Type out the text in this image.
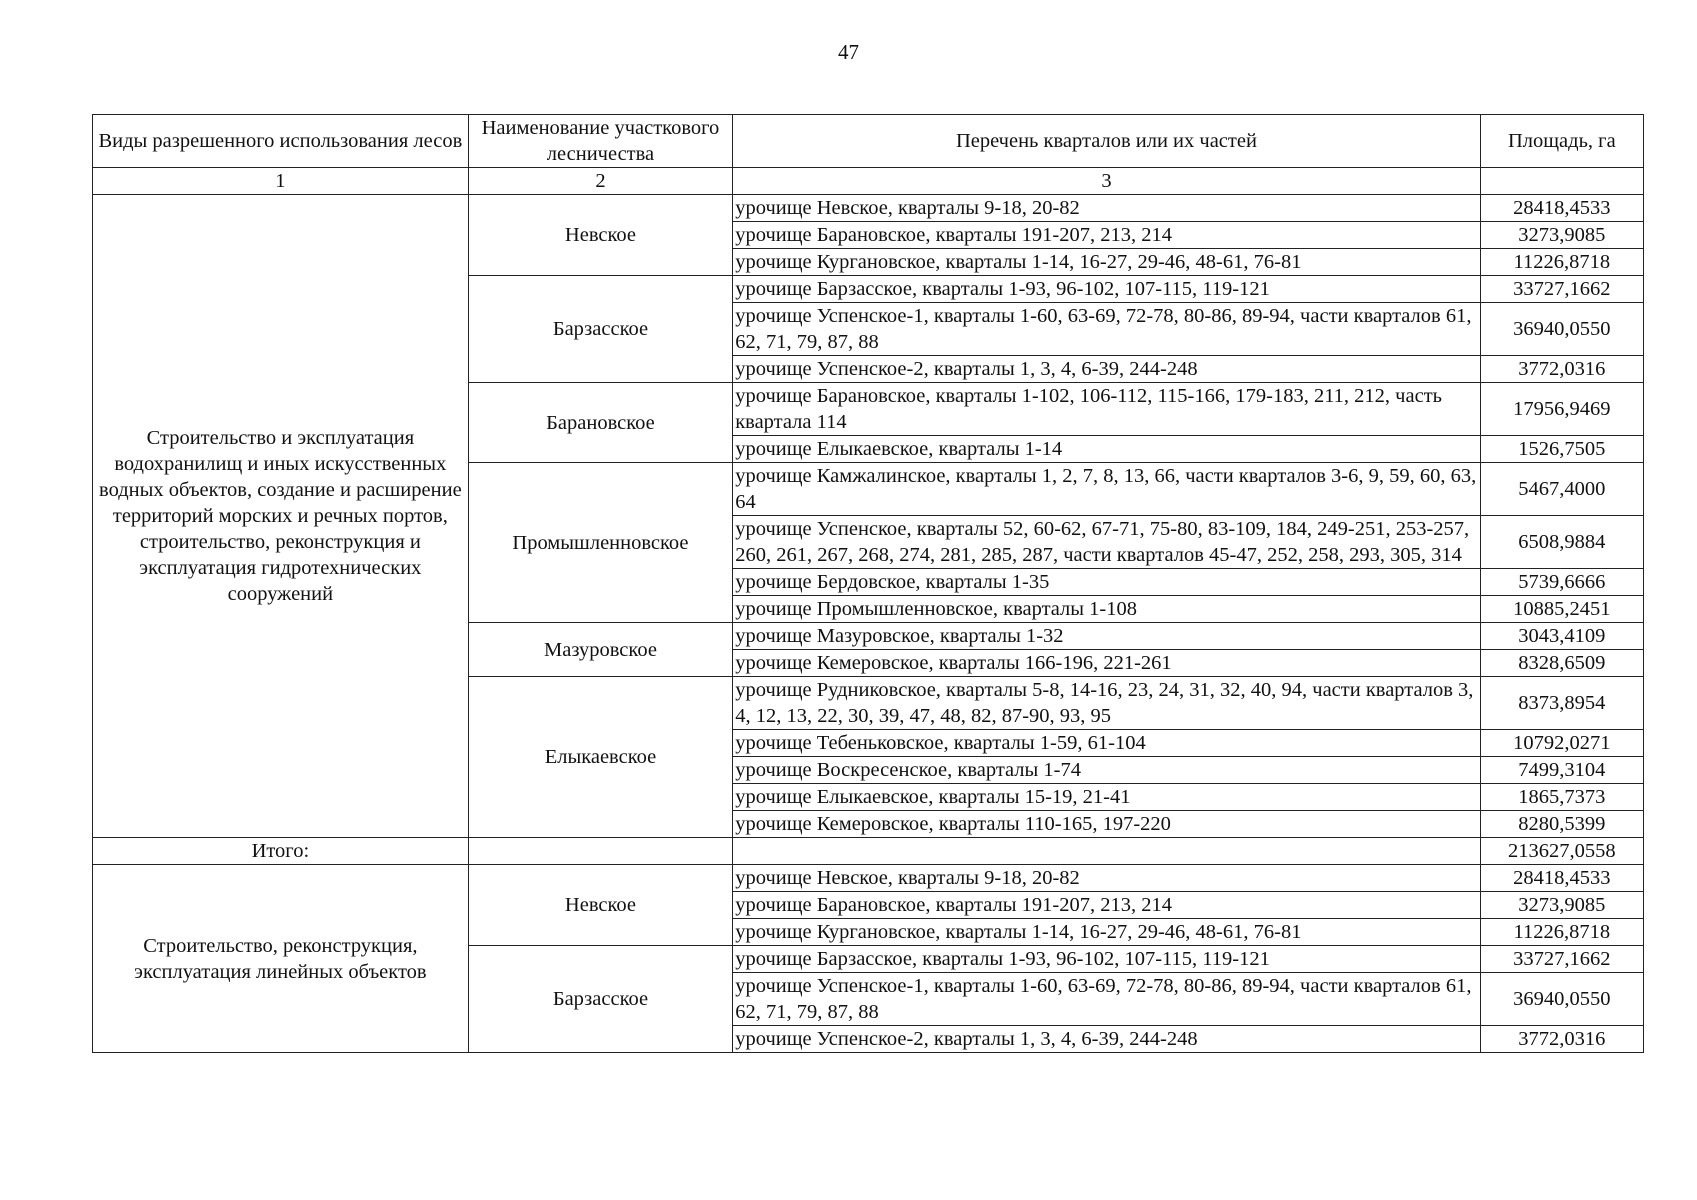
47
Виды разрешенного использования лесов	Наименование участкового лесничества	Перечень кварталов или их частей	Площадь, га
1	2	3	
Строительство и эксплуатация водохранилищ и иных искусственных водных объектов, создание и расширение территорий морских и речных портов, строительство, реконструкция и эксплуатация гидротехнических сооружений	Невское	урочище Невское, кварталы 9-18, 20-82	28418,4533
		урочище Барановское, кварталы 191-207, 213, 214	3273,9085
		урочище Кургановское, кварталы 1-14, 16-27, 29-46, 48-61, 76-81	11226,8718
	Барзасское	урочище Барзасское, кварталы 1-93, 96-102, 107-115, 119-121	33727,1662
		урочище Успенское-1, кварталы 1-60, 63-69, 72-78, 80-86, 89-94, части кварталов 61, 62, 71, 79, 87, 88	36940,0550
		урочище Успенское-2, кварталы 1, 3, 4, 6-39, 244-248	3772,0316
	Барановское	урочище Барановское, кварталы 1-102, 106-112, 115-166, 179-183, 211, 212, часть квартала 114	17956,9469
		урочище Елыкаевское, кварталы 1-14	1526,7505
	Промышленновское	урочище Камжалинское, кварталы 1, 2, 7, 8, 13, 66, части кварталов 3-6, 9, 59, 60, 63, 64	5467,4000
		урочище Успенское, кварталы 52, 60-62, 67-71, 75-80, 83-109, 184, 249-251, 253-257, 260, 261, 267, 268, 274, 281, 285, 287, части кварталов 45-47, 252, 258, 293, 305, 314	6508,9884
		урочище Бердовское, кварталы 1-35	5739,6666
		урочище Промышленновское, кварталы 1-108	10885,2451
	Мазуровское	урочище Мазуровское, кварталы 1-32	3043,4109
		урочище Кемеровское, кварталы 166-196, 221-261	8328,6509
	Елыкаевское	урочище Рудниковское, кварталы 5-8, 14-16, 23, 24, 31, 32, 40, 94, части кварталов 3, 4, 12, 13, 22, 30, 39, 47, 48, 82, 87-90, 93, 95	8373,8954
		урочище Тебеньковское, кварталы 1-59, 61-104	10792,0271
		урочище Воскресенское, кварталы 1-74	7499,3104
		урочище Елыкаевское, кварталы 15-19, 21-41	1865,7373
		урочище Кемеровское, кварталы 110-165, 197-220	8280,5399
Итого:			213627,0558
Строительство, реконструкция, эксплуатация линейных объектов	Невское	урочище Невское, кварталы 9-18, 20-82	28418,4533
		урочище Барановское, кварталы 191-207, 213, 214	3273,9085
		урочище Кургановское, кварталы 1-14, 16-27, 29-46, 48-61, 76-81	11226,8718
	Барзасское	урочище Барзасское, кварталы 1-93, 96-102, 107-115, 119-121	33727,1662
		урочище Успенское-1, кварталы 1-60, 63-69, 72-78, 80-86, 89-94, части кварталов 61, 62, 71, 79, 87, 88	36940,0550
		урочище Успенское-2, кварталы 1, 3, 4, 6-39, 244-248	3772,0316
